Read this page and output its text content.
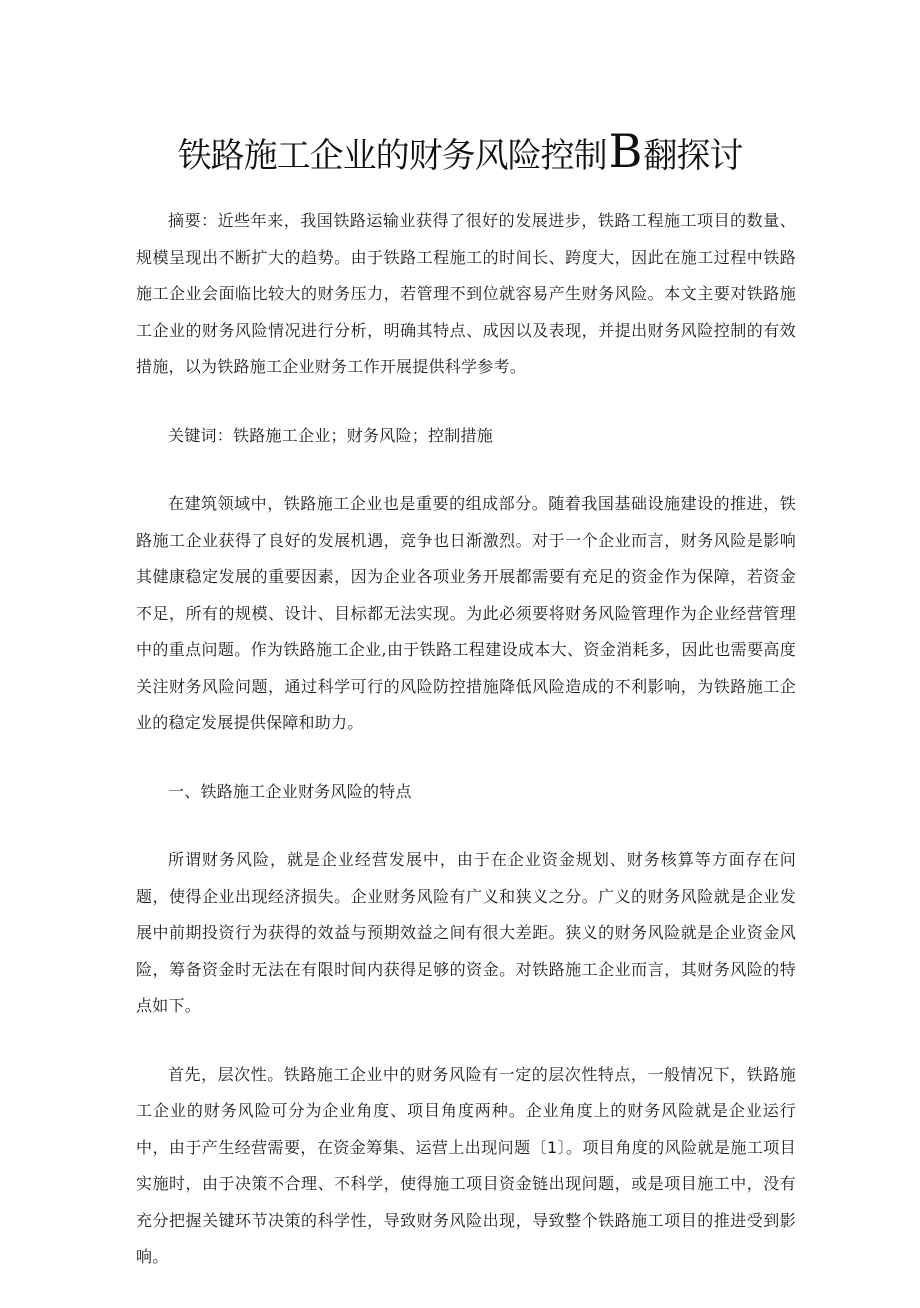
铁路施工企业的财务风险控制B翻探讨

摘要：近些年来，我国铁路运输业获得了很好的发展进步，铁路工程施工项目的数量、规模呈现出不断扩大的趋势。由于铁路工程施工的时间长、跨度大，因此在施工过程中铁路施工企业会面临比较大的财务压力，若管理不到位就容易产生财务风险。本文主要对铁路施工企业的财务风险情况进行分析，明确其特点、成因以及表现，并提出财务风险控制的有效措施，以为铁路施工企业财务工作开展提供科学参考。

关键词：铁路施工企业；财务风险；控制措施

在建筑领域中，铁路施工企业也是重要的组成部分。随着我国基础设施建设的推进，铁路施工企业获得了良好的发展机遇，竞争也日渐激烈。对于一个企业而言，财务风险是影响其健康稳定发展的重要因素，因为企业各项业务开展都需要有充足的资金作为保障，若资金不足，所有的规模、设计、目标都无法实现。为此必须要将财务风险管理作为企业经营管理中的重点问题。作为铁路施工企业,由于铁路工程建设成本大、资金消耗多，因此也需要高度关注财务风险问题，通过科学可行的风险防控措施降低风险造成的不利影响，为铁路施工企业的稳定发展提供保障和助力。

一、铁路施工企业财务风险的特点

所谓财务风险，就是企业经营发展中，由于在企业资金规划、财务核算等方面存在问题，使得企业出现经济损失。企业财务风险有广义和狭义之分。广义的财务风险就是企业发展中前期投资行为获得的效益与预期效益之间有很大差距。狭义的财务风险就是企业资金风险，筹备资金时无法在有限时间内获得足够的资金。对铁路施工企业而言，其财务风险的特点如下。

首先，层次性。铁路施工企业中的财务风险有一定的层次性特点，一般情况下，铁路施工企业的财务风险可分为企业角度、项目角度两种。企业角度上的财务风险就是企业运行中，由于产生经营需要，在资金筹集、运营上出现问题〔1〕。项目角度的风险就是施工项目实施时，由于决策不合理、不科学，使得施工项目资金链出现问题，或是项目施工中，没有充分把握关键环节决策的科学性，导致财务风险出现，导致整个铁路施工项目的推进受到影响。
